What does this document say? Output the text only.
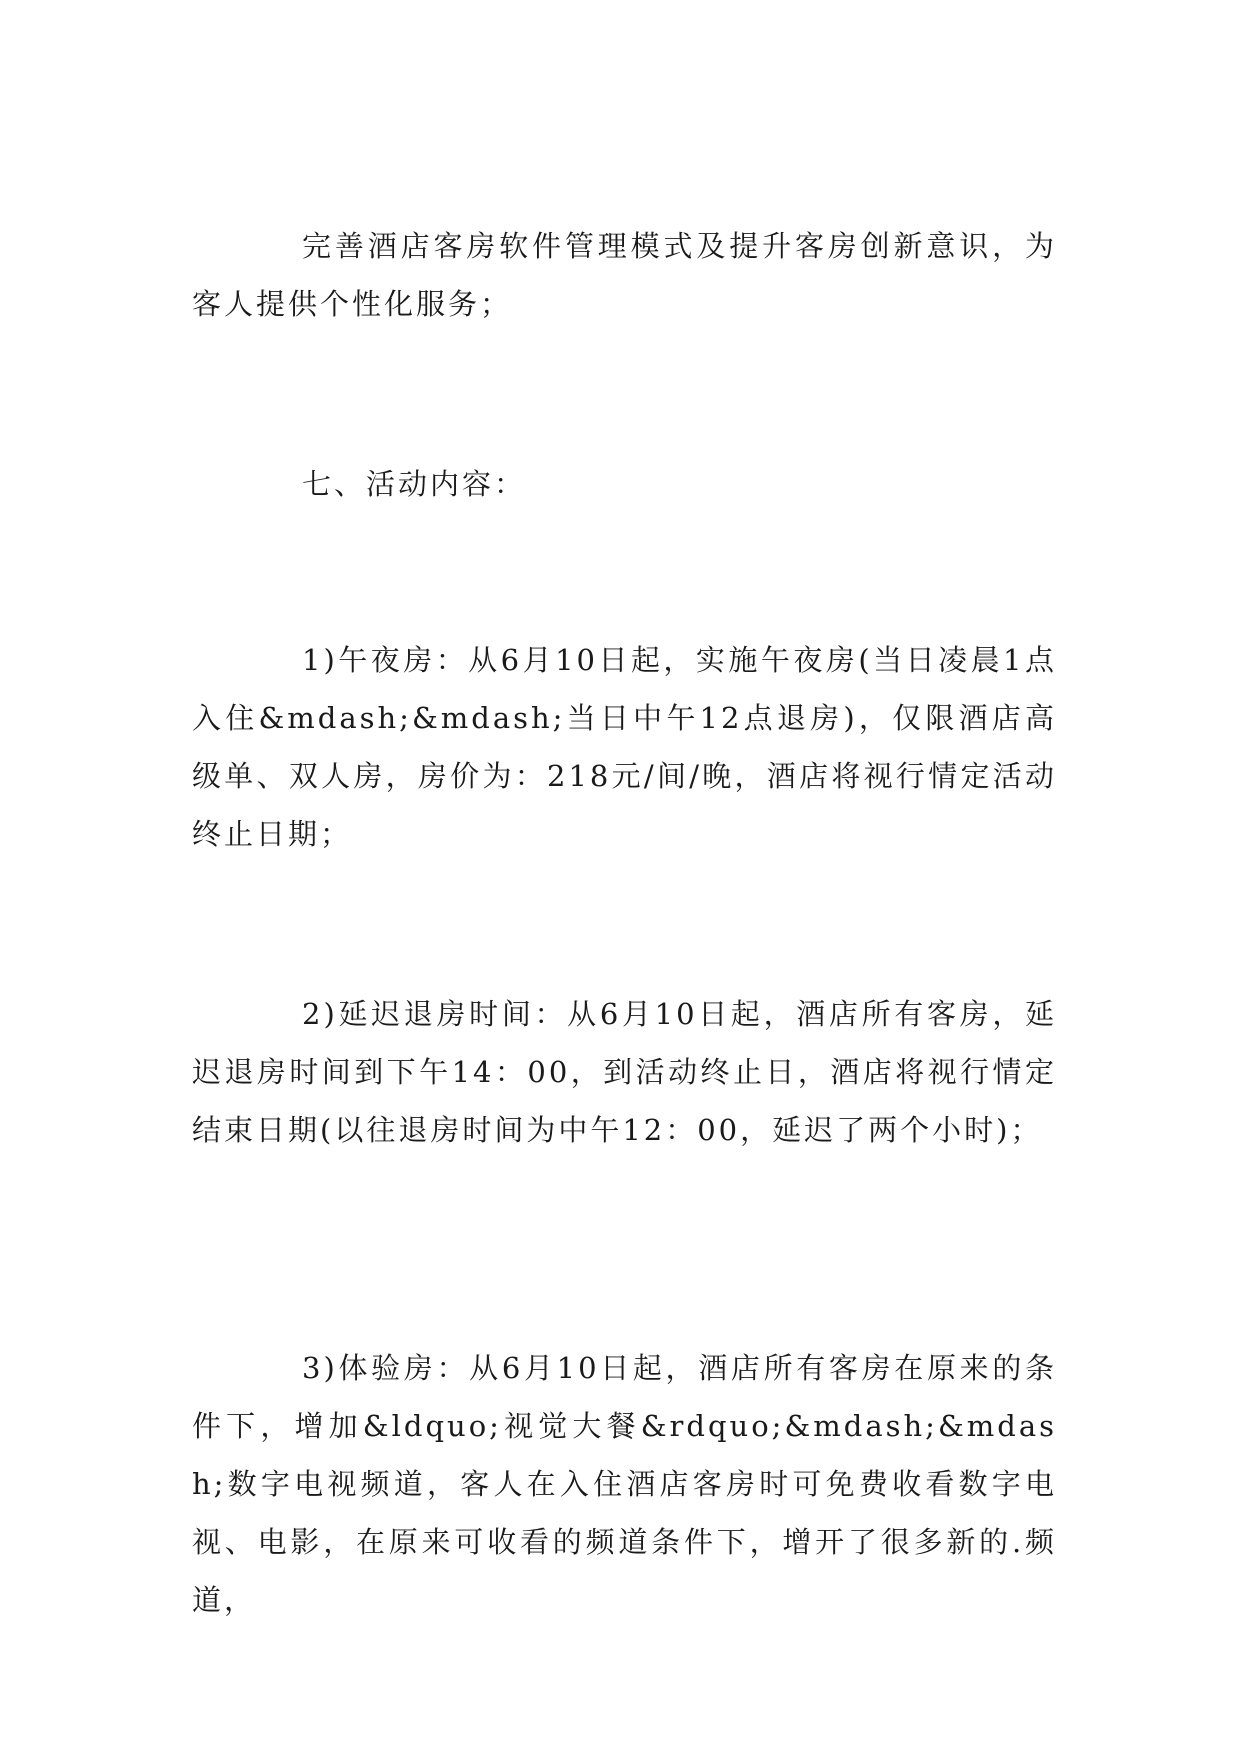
完善酒店客房软件管理模式及提升客房创新意识，为客人提供个性化服务；

七、活动内容：

1)午夜房：从6月10日起，实施午夜房(当日凌晨1点入住&mdash;&mdash;当日中午12点退房)，仅限酒店高级单、双人房，房价为：218元/间/晚，酒店将视行情定活动终止日期；

2)延迟退房时间：从6月10日起，酒店所有客房，延迟退房时间到下午14：00，到活动终止日，酒店将视行情定结束日期(以往退房时间为中午12：00，延迟了两个小时)；

3)体验房：从6月10日起，酒店所有客房在原来的条件下，增加&ldquo;视觉大餐&rdquo;&mdash;&mdash;数字电视频道，客人在入住酒店客房时可免费收看数字电视、电影，在原来可收看的频道条件下，增开了很多新的.频道，
